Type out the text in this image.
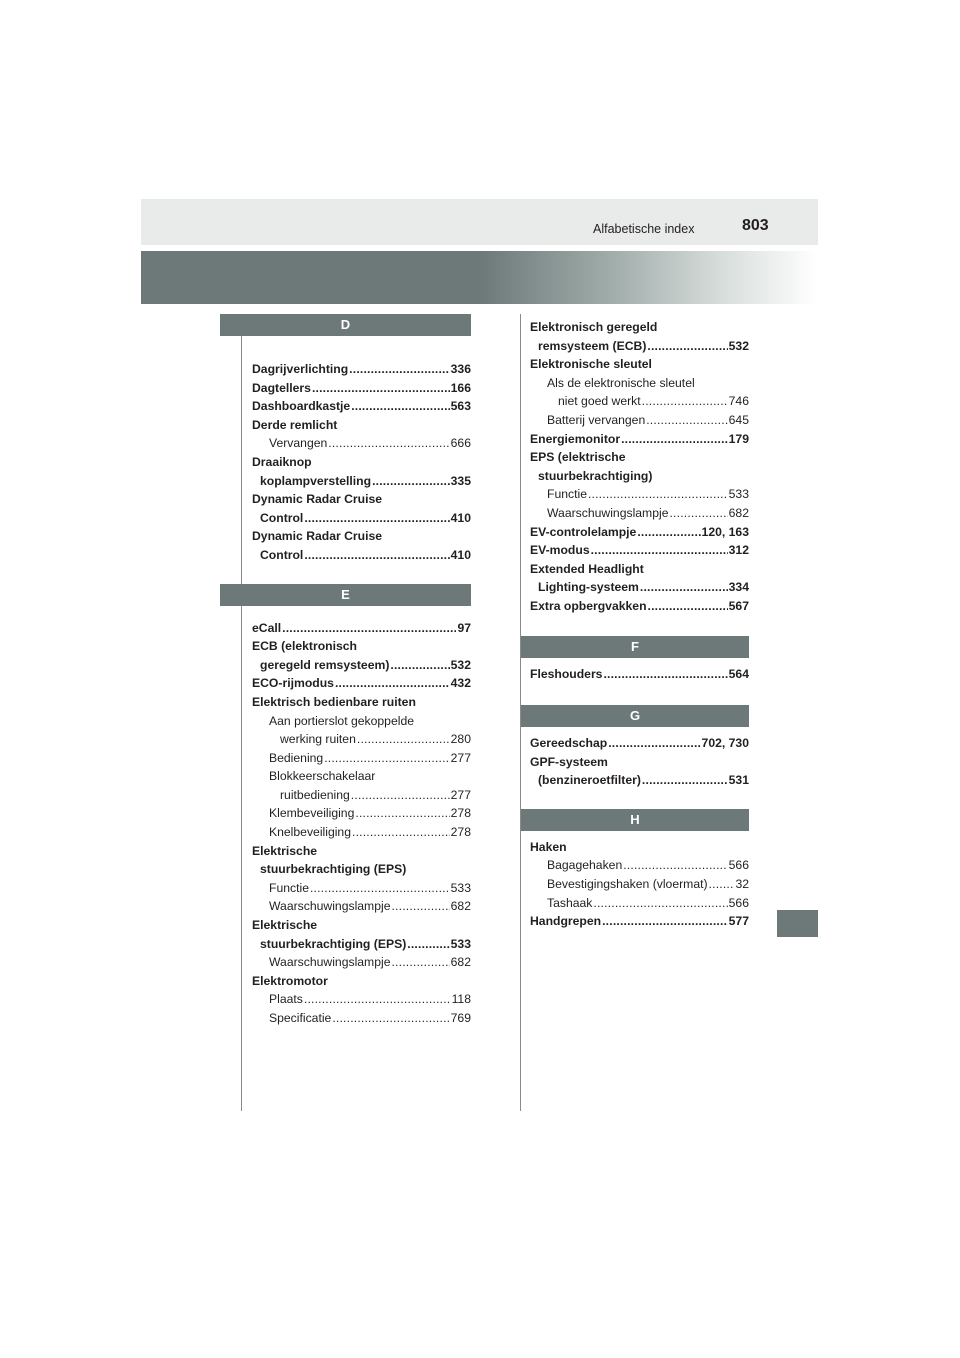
Alfabetische index	803
D
Dagrijverlichting . . .	336
Dagtellers . . .	166
Dashboardkastje . . .	563
Derde remlicht
Vervangen . . .	666
Draaiknop
koplampverstelling . . .	335
Dynamic Radar Cruise
Control . . .	410
Dynamic Radar Cruise
Control . . .	410
E
eCall . . .	97
ECB (elektronisch
geregeld remsysteem) . . .	532
ECO-rijmodus . . .	432
Elektrisch bedienbare ruiten
Aan portierslot gekoppelde
werking ruiten . . .	280
Bediening . . .	277
Blokkeerschakelaar
ruitbediening . . .	277
Klembeveiliging . . .	278
Knelbeveiliging . . .	278
Elektrische
stuurbekrachtiging (EPS)
Functie . . .	533
Waarschuwingslampje . . .	682
Elektrische
stuurbekrachtiging (EPS) . . .	533
Waarschuwingslampje . . .	682
Elektromotor
Plaats . . .	118
Specificatie . . .	769
Elektronisch geregeld
remsysteem (ECB) . . .	532
Elektronische sleutel
Als de elektronische sleutel
niet goed werkt . . .	746
Batterij vervangen . . .	645
Energiemonitor . . .	179
EPS (elektrische
stuurbekrachtiging)
Functie . . .	533
Waarschuwingslampje . . .	682
EV-controlelampje . . .	120, 163
EV-modus . . .	312
Extended Headlight
Lighting-systeem . . .	334
Extra opbergvakken . . .	567
F
Fleshouders . . .	564
G
Gereedschap . . .	702, 730
GPF-systeem
(benzineroetfilter) . . .	531
H
Haken
Bagagehaken . . .	566
Bevestigingshaken (vloermat) . . . 32
Tashaak . . .	566
Handgrepen . . .	577
